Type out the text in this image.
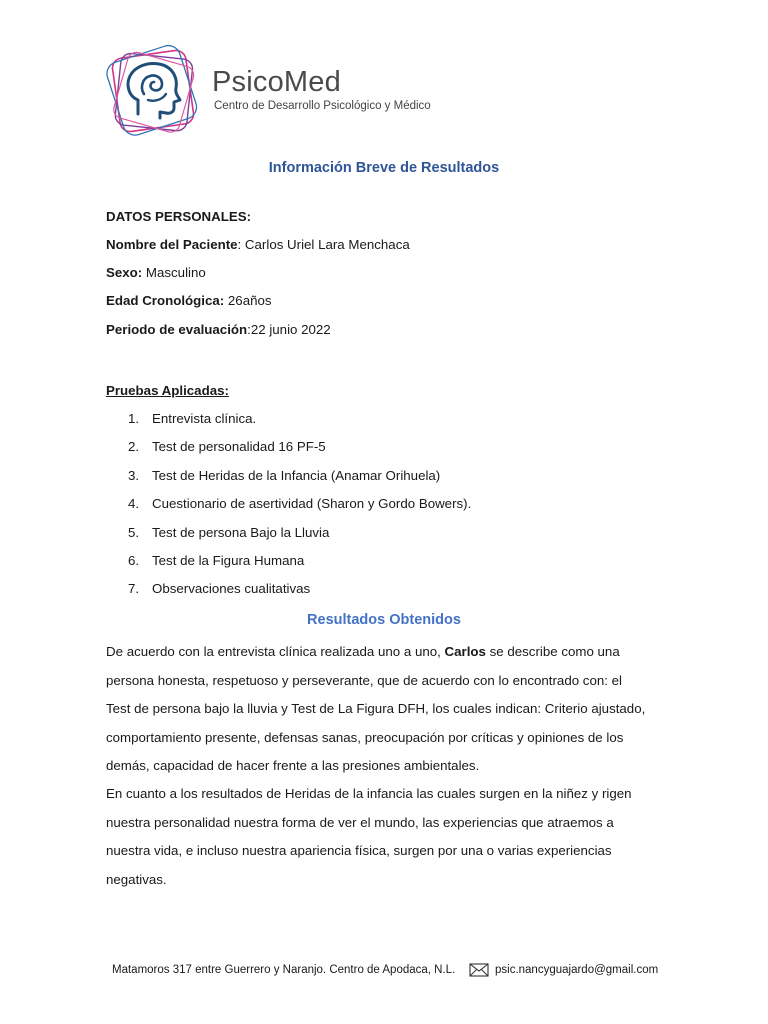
PsicoMed
Centro de Desarrollo Psicológico y Médico
Información Breve de Resultados
DATOS PERSONALES:
Nombre del Paciente: Carlos Uriel Lara Menchaca
Sexo: Masculino
Edad Cronológica: 26años
Periodo de evaluación:22 junio 2022
Pruebas Aplicadas:
1. Entrevista clínica.
2. Test de personalidad 16 PF-5
3. Test de Heridas de la Infancia (Anamar Orihuela)
4. Cuestionario de asertividad (Sharon y Gordo Bowers).
5. Test de persona Bajo la Lluvia
6. Test de la Figura Humana
7. Observaciones cualitativas
Resultados Obtenidos
De acuerdo con la entrevista clínica realizada uno a uno, Carlos se describe como una
persona honesta, respetuoso y perseverante, que de acuerdo con lo encontrado con: el
Test de persona bajo la lluvia y Test de La Figura DFH, los cuales indican: Criterio ajustado,
comportamiento presente, defensas sanas, preocupación por críticas y opiniones de los
demás, capacidad de hacer frente a las presiones ambientales.
En cuanto a los resultados de Heridas de la infancia las cuales surgen en la niñez y rigen
nuestra personalidad nuestra forma de ver el mundo, las experiencias que atraemos a
nuestra vida, e incluso nuestra apariencia física, surgen por una o varias experiencias
negativas.
Matamoros 317 entre Guerrero y Naranjo. Centro de Apodaca, N.L.	psic.nancyguajardo@gmail.com
